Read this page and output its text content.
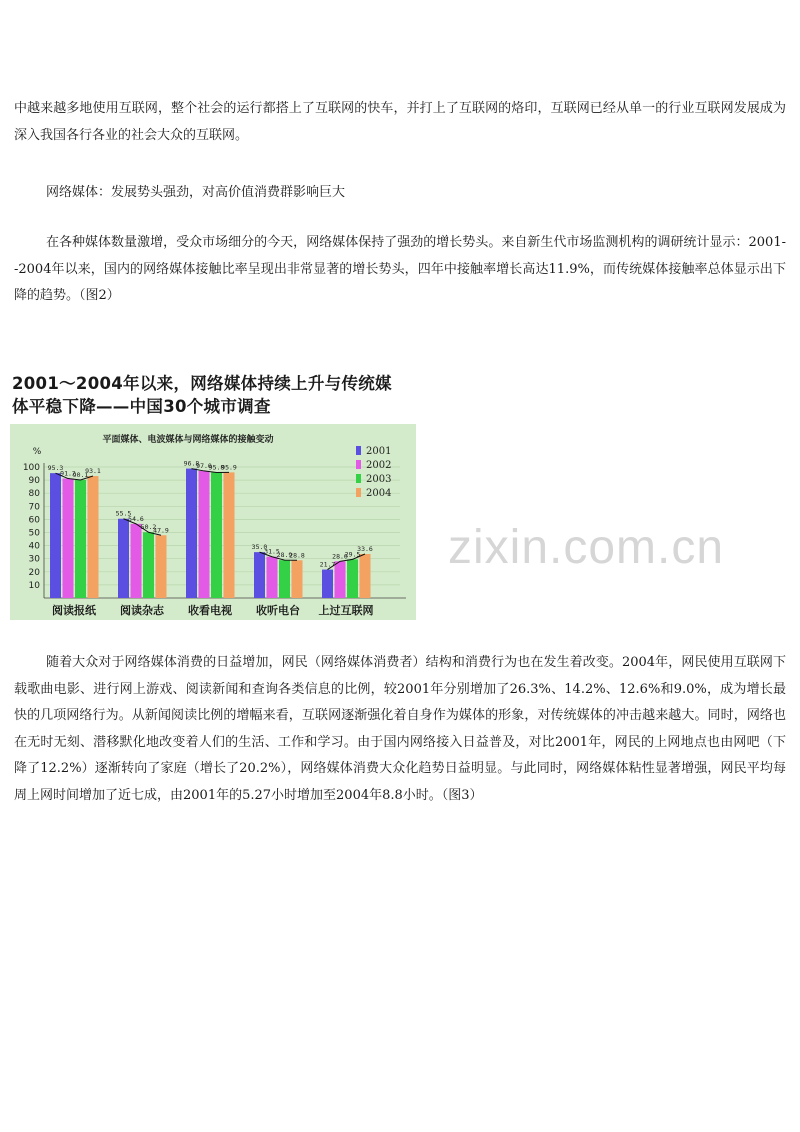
中越来越多地使用互联网，整个社会的运行都搭上了互联网的快车，并打上了互联网的烙印，互联网已经从单一的行业互联网发展成为深入我国各行各业的社会大众的互联网。

网络媒体：发展势头强劲，对高价值消费群影响巨大

在各种媒体数量激增，受众市场细分的今天，网络媒体保持了强劲的增长势头。来自新生代市场监测机构的调研统计显示：2001--2004年以来，国内的网络媒体接触比率呈现出非常显著的增长势头，四年中接触率增长高达11.9%，而传统媒体接触率总体显示出下降的趋势。（图2）

2001～2004年以来，网络媒体持续上升与传统媒
体平稳下降——中国30个城市调查
平面媒体、电波媒体与网络媒体的接触变动
%
10
20
30
40
50
60
70
80
90
100 95.3
91.2
90.1
93.1
55.5
54.6
50.2
47.9
96.8
97.0
95.8
95.9
35.0
31.5
28.9
28.8
21.7
28.0
29.5
33.6
阅读报纸 阅读杂志 收看电视 收听电台 上过互联网
2001
2002
2003
2004
zixin.com.cn

随着大众对于网络媒体消费的日益增加，网民（网络媒体消费者）结构和消费行为也在发生着改变。2004年，网民使用互联网下载歌曲电影、进行网上游戏、阅读新闻和查询各类信息的比例，较2001年分别增加了26.3%、14.2%、12.6%和9.0%，成为增长最快的几项网络行为。从新闻阅读比例的增幅来看，互联网逐渐强化着自身作为媒体的形象，对传统媒体的冲击越来越大。同时，网络也在无时无刻、潜移默化地改变着人们的生活、工作和学习。由于国内网络接入日益普及，对比2001年，网民的上网地点也由网吧（下降了12.2%）逐渐转向了家庭（增长了20.2%），网络媒体消费大众化趋势日益明显。与此同时，网络媒体粘性显著增强，网民平均每周上网时间增加了近七成，由2001年的5.27小时增加至2004年8.8小时。（图3）
